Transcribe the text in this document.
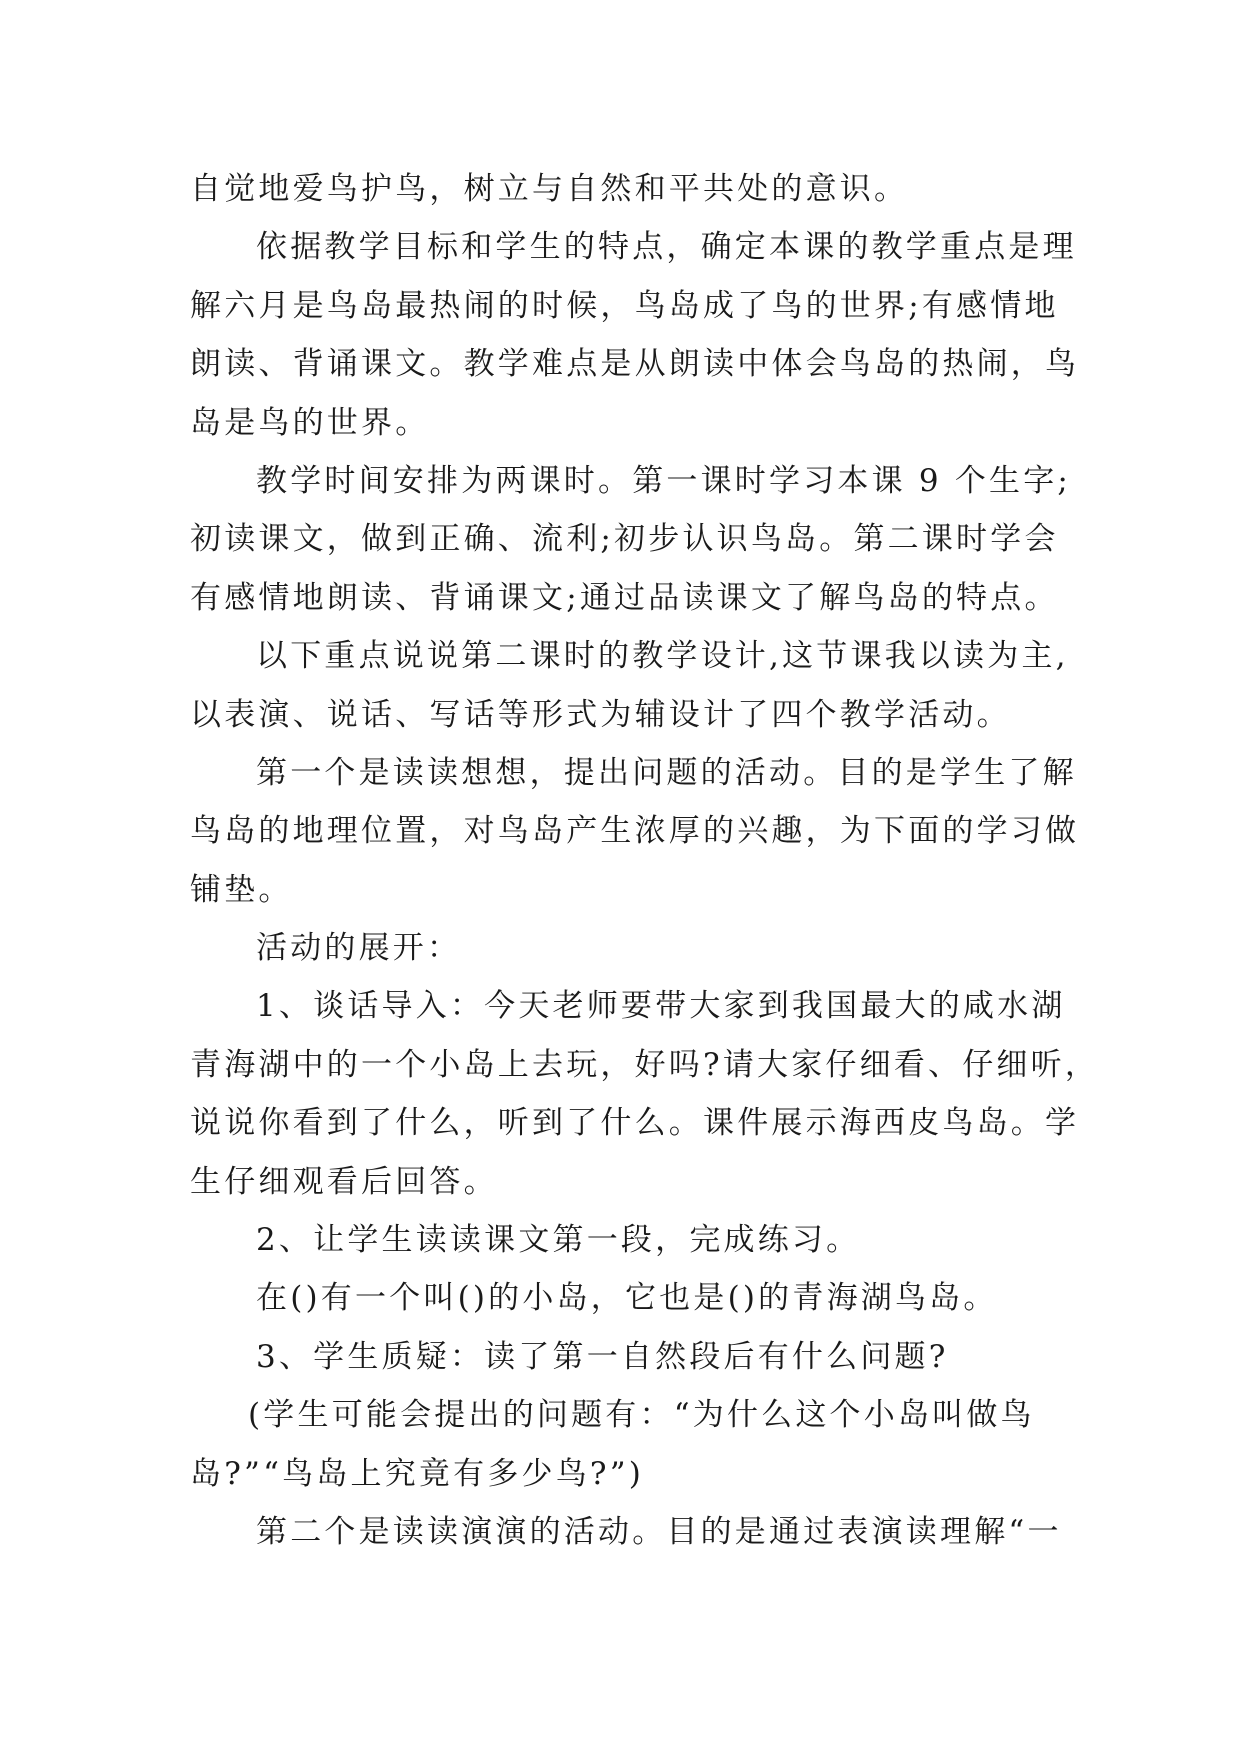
自觉地爱鸟护鸟，树立与自然和平共处的意识。
依据教学目标和学生的特点，确定本课的教学重点是理
解六月是鸟岛最热闹的时候，鸟岛成了鸟的世界;有感情地
朗读、背诵课文。教学难点是从朗读中体会鸟岛的热闹，鸟
岛是鸟的世界。
教学时间安排为两课时。第一课时学习本课 9 个生字;
初读课文，做到正确、流利;初步认识鸟岛。第二课时学会
有感情地朗读、背诵课文;通过品读课文了解鸟岛的特点。
以下重点说说第二课时的教学设计,这节课我以读为主,
以表演、说话、写话等形式为辅设计了四个教学活动。
第一个是读读想想，提出问题的活动。目的是学生了解
鸟岛的地理位置，对鸟岛产生浓厚的兴趣，为下面的学习做
铺垫。
活动的展开：
1、谈话导入：今天老师要带大家到我国最大的咸水湖
青海湖中的一个小岛上去玩，好吗?请大家仔细看、仔细听，
说说你看到了什么，听到了什么。课件展示海西皮鸟岛。学
生仔细观看后回答。
2、让学生读读课文第一段，完成练习。
在()有一个叫()的小岛，它也是()的青海湖鸟岛。
3、学生质疑：读了第一自然段后有什么问题?
(学生可能会提出的问题有：“为什么这个小岛叫做鸟
岛?”“鸟岛上究竟有多少鸟?”)
第二个是读读演演的活动。目的是通过表演读理解“一
